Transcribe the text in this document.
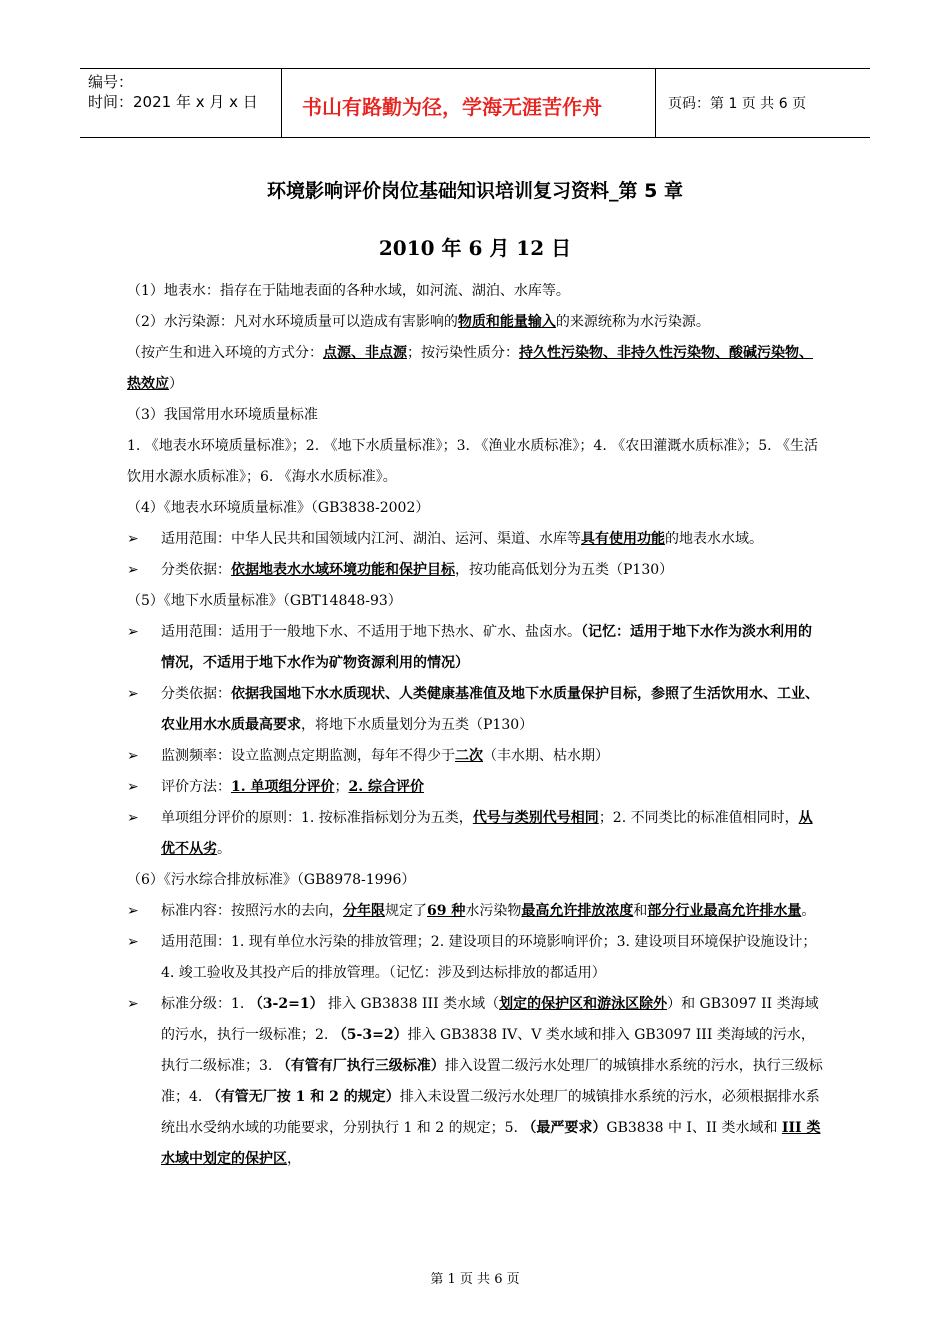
编号：
时间：2021 年 x 月 x 日	书山有路勤为径，学海无涯苦作舟	页码：第 1 页 共 6 页
环境影响评价岗位基础知识培训复习资料_第 5 章
2010 年 6 月 12 日

（1）地表水：指存在于陆地表面的各种水域，如河流、湖泊、水库等。

（2）水污染源：凡对水环境质量可以造成有害影响的物质和能量输入的来源统称为水污染源。

（按产生和进入环境的方式分：点源、非点源；按污染性质分：持久性污染物、非持久性污染物、酸碱污染物、热效应）

（3）我国常用水环境质量标准

1. 《地表水环境质量标准》；2. 《地下水质量标准》；3. 《渔业水质标准》；4. 《农田灌溉水质标准》；5. 《生活饮用水源水质标准》；6. 《海水水质标准》。

（4）《地表水环境质量标准》（GB3838-2002）

➢	适用范围：中华人民共和国领域内江河、湖泊、运河、渠道、水库等具有使用功能的地表水水域。
➢	分类依据：依据地表水水域环境功能和保护目标，按功能高低划分为五类（P130）

（5）《地下水质量标准》（GBT14848-93）

➢	适用范围：适用于一般地下水、不适用于地下热水、矿水、盐卤水。（记忆：适用于地下水作为淡水利用的情况，不适用于地下水作为矿物资源利用的情况）
➢	分类依据：依据我国地下水水质现状、人类健康基准值及地下水质量保护目标，参照了生活饮用水、工业、农业用水水质最高要求，将地下水质量划分为五类（P130）
➢	监测频率：设立监测点定期监测，每年不得少于二次（丰水期、枯水期）
➢	评价方法：1. 单项组分评价；2. 综合评价
➢	单项组分评价的原则：1. 按标准指标划分为五类，代号与类别代号相同；2. 不同类比的标准值相同时，从优不从劣。

（6）《污水综合排放标准》（GB8978-1996）

➢	标准内容：按照污水的去向，分年限规定了69 种水污染物最高允许排放浓度和部分行业最高允许排水量。
➢	适用范围：1. 现有单位水污染的排放管理；2. 建设项目的环境影响评价；3. 建设项目环境保护设施设计；4. 竣工验收及其投产后的排放管理。（记忆：涉及到达标排放的都适用）
➢	标准分级：1. （3-2=1） 排入 GB3838 III 类水域（划定的保护区和游泳区除外）和 GB3097 II 类海域的污水，执行一级标准；2. （5-3=2）排入 GB3838 IV、V 类水域和排入 GB3097 III 类海域的污水，执行二级标准；3. （有管有厂执行三级标准）排入设置二级污水处理厂的城镇排水系统的污水，执行三级标准；4. （有管无厂按 1 和 2 的规定）排入未设置二级污水处理厂的城镇排水系统的污水，必须根据排水系统出水受纳水域的功能要求，分别执行 1 和 2 的规定；5. （最严要求）GB3838 中 I、II 类水域和 III 类水域中划定的保护区，
第 1 页 共 6 页
